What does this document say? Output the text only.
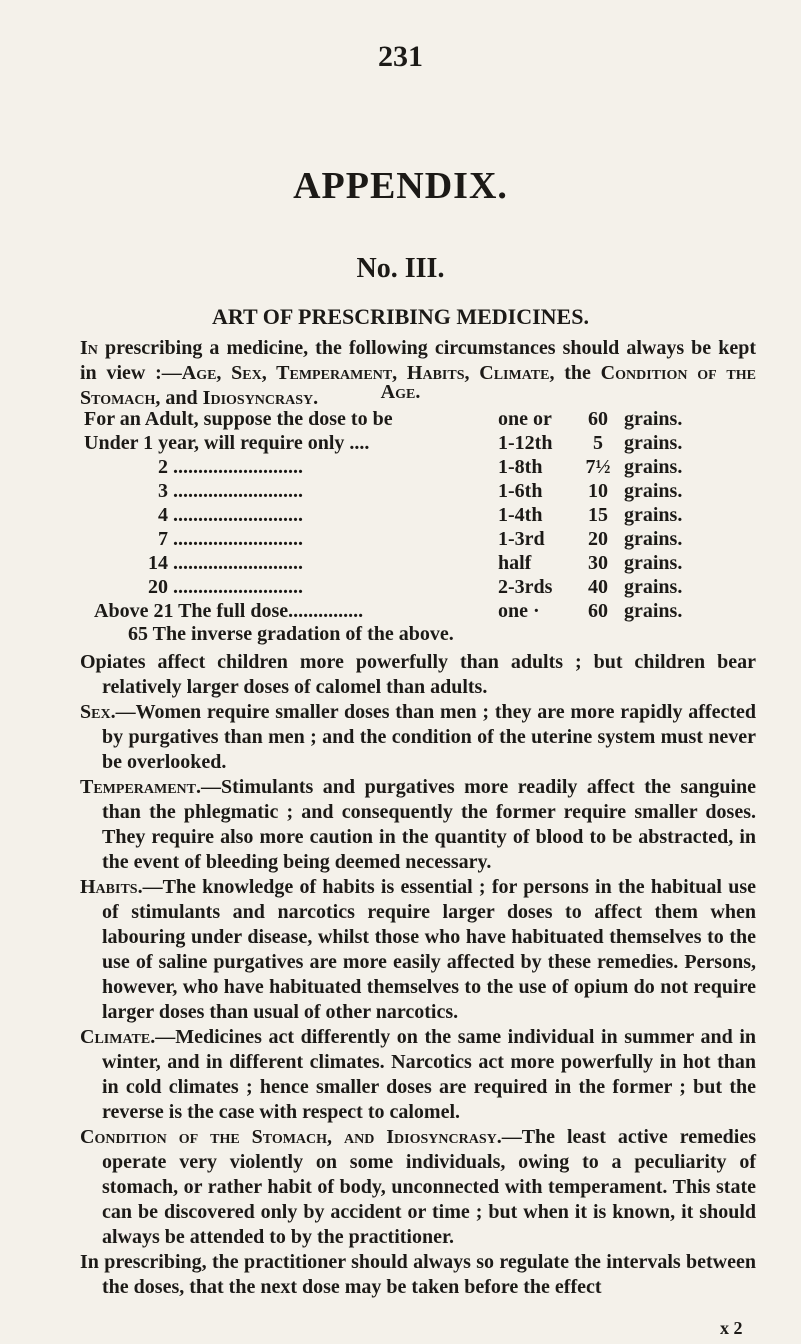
231
APPENDIX.
No. III.
ART OF PRESCRIBING MEDICINES.

In prescribing a medicine, the following circumstances should always be kept in view :—Age, Sex, Temperament, Habits, Climate, the Condition of the Stomach, and Idiosyncrasy.	Age.
For an Adult, suppose the dose to be	one or	60 grains.
Under 1 year, will require only ....	1-12th	5	grains.
2 ..........................	1-8th	7½ grains.
3 ..........................	1-6th	10 grains.
4 ..........................	1-4th	15 grains.
7 ..........................	1-3rd	20 grains.
14 ..........................	half	30 grains.
20 ..........................	2-3rds	40 grains.
Above 21 The full dose...............	one ·	60 grains.
65 The inverse gradation of the above.

Opiates affect children more powerfully than adults ; but children bear relatively larger doses of calomel than adults.

Sex.—Women require smaller doses than men ; they are more rapidly affected by purgatives than men ; and the condition of the uterine system must never be overlooked.

Temperament.—Stimulants and purgatives more readily affect the sanguine than the phlegmatic ; and consequently the former require smaller doses. They require also more caution in the quantity of blood to be abstracted, in the event of bleeding being deemed necessary.

Habits.—The knowledge of habits is essential ; for persons in the habitual use of stimulants and narcotics require larger doses to affect them when labouring under disease, whilst those who have habituated themselves to the use of saline purgatives are more easily affected by these remedies. Persons, however, who have habituated themselves to the use of opium do not require larger doses than usual of other narcotics.

Climate.—Medicines act differently on the same individual in summer and in winter, and in different climates. Narcotics act more powerfully in hot than in cold climates ; hence smaller doses are required in the former ; but the reverse is the case with respect to calomel.

Condition of the Stomach, and Idiosyncrasy.—The least active remedies operate very violently on some individuals, owing to a peculiarity of stomach, or rather habit of body, unconnected with temperament. This state can be discovered only by accident or time ; but when it is known, it should always be attended to by the practitioner.

In prescribing, the practitioner should always so regulate the intervals between the doses, that the next dose may be taken before the effect

x 2
